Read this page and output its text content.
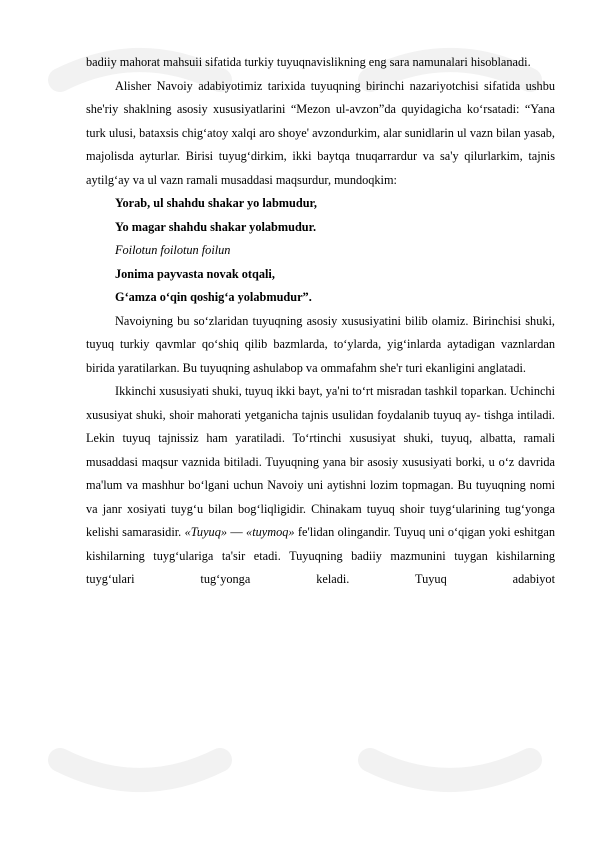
badiiy mahorat mahsuii sifatida turkiy tuyuqnavislikning eng sara namunalari hisoblanadi.

Alisher Navoiy adabiyotimiz tarixida tuyuqning birinchi nazariyotchisi sifatida ushbu she'riy shaklning asosiy xususiyatlarini “Mezon ul-avzon”da quyidagicha ko‘rsatadi: “Yana turk ulusi, bataxsis chig‘atoy xalqi aro shoye' avzondurkim, alar sunidlarin ul vazn bilan yasab, majolisda ayturlar. Birisi tuyug‘dirkim, ikki baytqa tnuqarrardur va sa'y qilurlarkim, tajnis aytilg‘ay va ul vazn ramali musaddasi maqsurdur, mundoqkim:

Yorab, ul shahdu shakar yo labmudur,

Yo magar shahdu shakar yolabmudur.

Foilotun foilotun foilun

Jonima payvasta novak otqali,

G‘amza o‘qin qoshig‘a yolabmudur”.

Navoiyning bu so‘zlaridan tuyuqning asosiy xususiyatini bilib olamiz. Birinchisi shuki, tuyuq turkiy qavmlar qo‘shiq qilib bazmlarda, to‘ylarda, yig‘inlarda aytadigan vaznlardan birida yaratilarkan. Bu tuyuqning ashulabop va ommafahm she'r turi ekanligini anglatadi.

Ikkinchi xususiyati shuki, tuyuq ikki bayt, ya'ni to‘rt misradan tashkil toparkan. Uchinchi xususiyat shuki, shoir mahorati yetganicha tajnis usulidan foydalanib tuyuq ay- tishga intiladi. Lekin tuyuq tajnissiz ham yaratiladi. To‘rtinchi xususiyat shuki, tuyuq, albatta, ramali musaddasi maqsur vaznida bitiladi. Tuyuqning yana bir asosiy xususiyati borki, u o‘z davrida ma'lum va mashhur bo‘lgani uchun Navoiy uni aytishni lozim topmagan. Bu tuyuqning nomi va janr xosiyati tuyg‘u bilan bog‘liqligidir. Chinakam tuyuq shoir tuyg‘ularining tug‘yonga kelishi samarasidir. «Tuyuq» — «tuymoq» fe'lidan olingandir. Tuyuq uni o‘qigan yoki eshitgan kishilarning tuyg‘ulariga ta'sir etadi. Tuyuqning badiiy mazmunini tuygan kishilarning tuyg‘ulari tug‘yonga keladi. Tuyuq adabiyot
